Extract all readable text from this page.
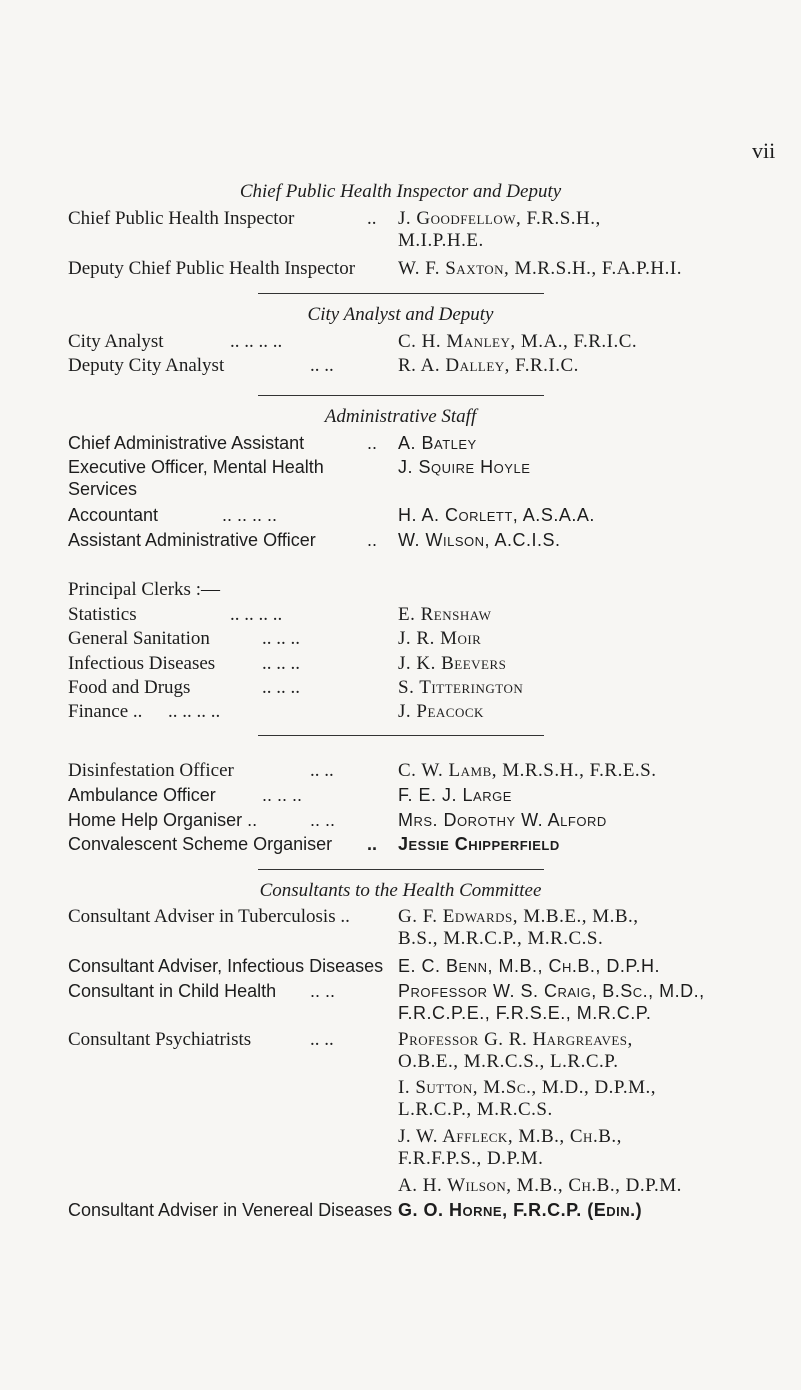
vii
Chief Public Health Inspector and Deputy
Chief Public Health Inspector	.. J. Goodfellow, F.R.S.H.,
M.I.P.H.E.
Deputy Chief Public Health Inspector W. F. Saxton, M.R.S.H., F.A.P.H.I.
City Analyst and Deputy
City Analyst	.. .. .. ..	C. H. Manley, M.A., F.R.I.C.
Deputy City Analyst	.. ..	R. A. Dalley, F.R.I.C.
Administrative Staff
Chief Administrative Assistant	.. A. Batley
Executive Officer, Mental Health Services
J. Squire Hoyle
Accountant	.. .. .. ..	H. A. Corlett, A.S.A.A.
Assistant Administrative Officer	.. W. Wilson, A.C.I.S.
Principal Clerks :—
Statistics	.. .. .. ..	E. Renshaw
General Sanitation	.. .. ..	J. R. Moir
Infectious Diseases .. .. ..	J. K. Beevers
Food and Drugs	.. .. ..	S. Titterington
Finance .. .. .. .. ..	J. Peacock
Disinfestation Officer	.. ..	C. W. Lamb, M.R.S.H., F.R.E.S.
Ambulance Officer	.. .. ..	F. E. J. Large
Home Help Organiser ..	.. ..	Mrs. Dorothy W. Alford
Convalescent Scheme Organiser .. Jessie Chipperfield
Consultants to the Health Committee
Consultant Adviser in Tuberculosis ..	G. F. Edwards, M.B.E., M.B.,
B.S., M.R.C.P., M.R.C.S.
Consultant Adviser, Infectious Diseases E. C. Benn, M.B., Ch.B., D.P.H.
Consultant in Child Health .. ..	Professor W. S. Craig, B.Sc., M.D.,
F.R.C.P.E., F.R.S.E., M.R.C.P.
Consultant Psychiatrists	.. ..	Professor G. R. Hargreaves,
O.B.E., M.R.C.S., L.R.C.P.
I. Sutton, M.Sc., M.D., D.P.M.,
L.R.C.P., M.R.C.S.
J. W. Affleck, M.B., Ch.B.,
F.R.F.P.S., D.P.M.
A. H. Wilson, M.B., Ch.B., D.P.M.
Consultant Adviser in Venereal Diseases G. O. Horne, F.R.C.P. (Edin.)
